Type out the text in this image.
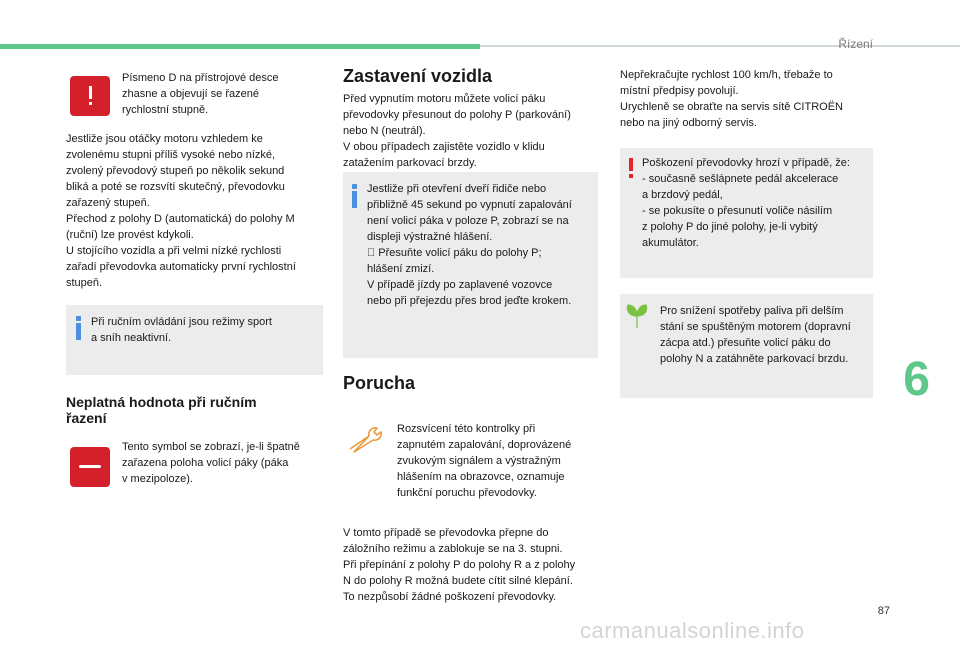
Řízení
6
87
carmanualsonline.info
Písmeno D na přístrojové desce
zhasne a objevují se řazené
rychlostní stupně.
Jestliže jsou otáčky motoru vzhledem ke
zvolenému stupni příliš vysoké nebo nízké,
zvolený převodový stupeň po několik sekund
bliká a poté se rozsvítí skutečný, převodovku
zařazený stupeň.
Přechod z polohy D (automatická) do polohy M
(ruční) lze provést kdykoli.
U stojícího vozidla a při velmi nízké rychlosti
zařadí převodovka automaticky první rychlostní
stupeň.
Při ručním ovládání jsou režimy sport
a sníh neaktivní.
Neplatná hodnota při ručním
řazení
Tento symbol se zobrazí, je-li špatně
zařazena poloha volicí páky (páka
v mezipoloze).
Zastavení vozidla
Před vypnutím motoru můžete volicí páku
převodovky přesunout do polohy P (parkování)
nebo N (neutrál).
V obou případech zajistěte vozidlo v klidu
zatažením parkovací brzdy.
Jestliže při otevření dveří řidiče nebo
přibližně 45 sekund po vypnutí zapalování
není volicí páka v poloze P, zobrazí se na
displeji výstražné hlášení.
Přesuňte volicí páku do polohy P;
hlášení zmizí.
V případě jízdy po zaplavené vozovce
nebo při přejezdu přes brod jeďte krokem.
Porucha
Rozsvícení této kontrolky při
zapnutém zapalování, doprovázené
zvukovým signálem a výstražným
hlášením na obrazovce, oznamuje
funkční poruchu převodovky.
V tomto případě se převodovka přepne do
záložního režimu a zablokuje se na 3. stupni.
Při přepínání z polohy P do polohy R a z polohy
N do polohy R možná budete cítit silné klepání.
To nezpůsobí žádné poškození převodovky.
Nepřekračujte rychlost 100 km/h, třebaže to
místní předpisy povolují.
Urychleně se obraťte na servis sítě CITROËN
nebo na jiný odborný servis.
Poškození převodovky hrozí v případě, že:
- současně sešlápnete pedál akcelerace
a brzdový pedál,
- se pokusíte o přesunutí voliče násilím
z polohy P do jiné polohy, je-li vybitý
akumulátor.
Pro snížení spotřeby paliva při delším
stání se spuštěným motorem (dopravní
zácpa atd.) přesuňte volicí páku do
polohy N a zatáhněte parkovací brzdu.
